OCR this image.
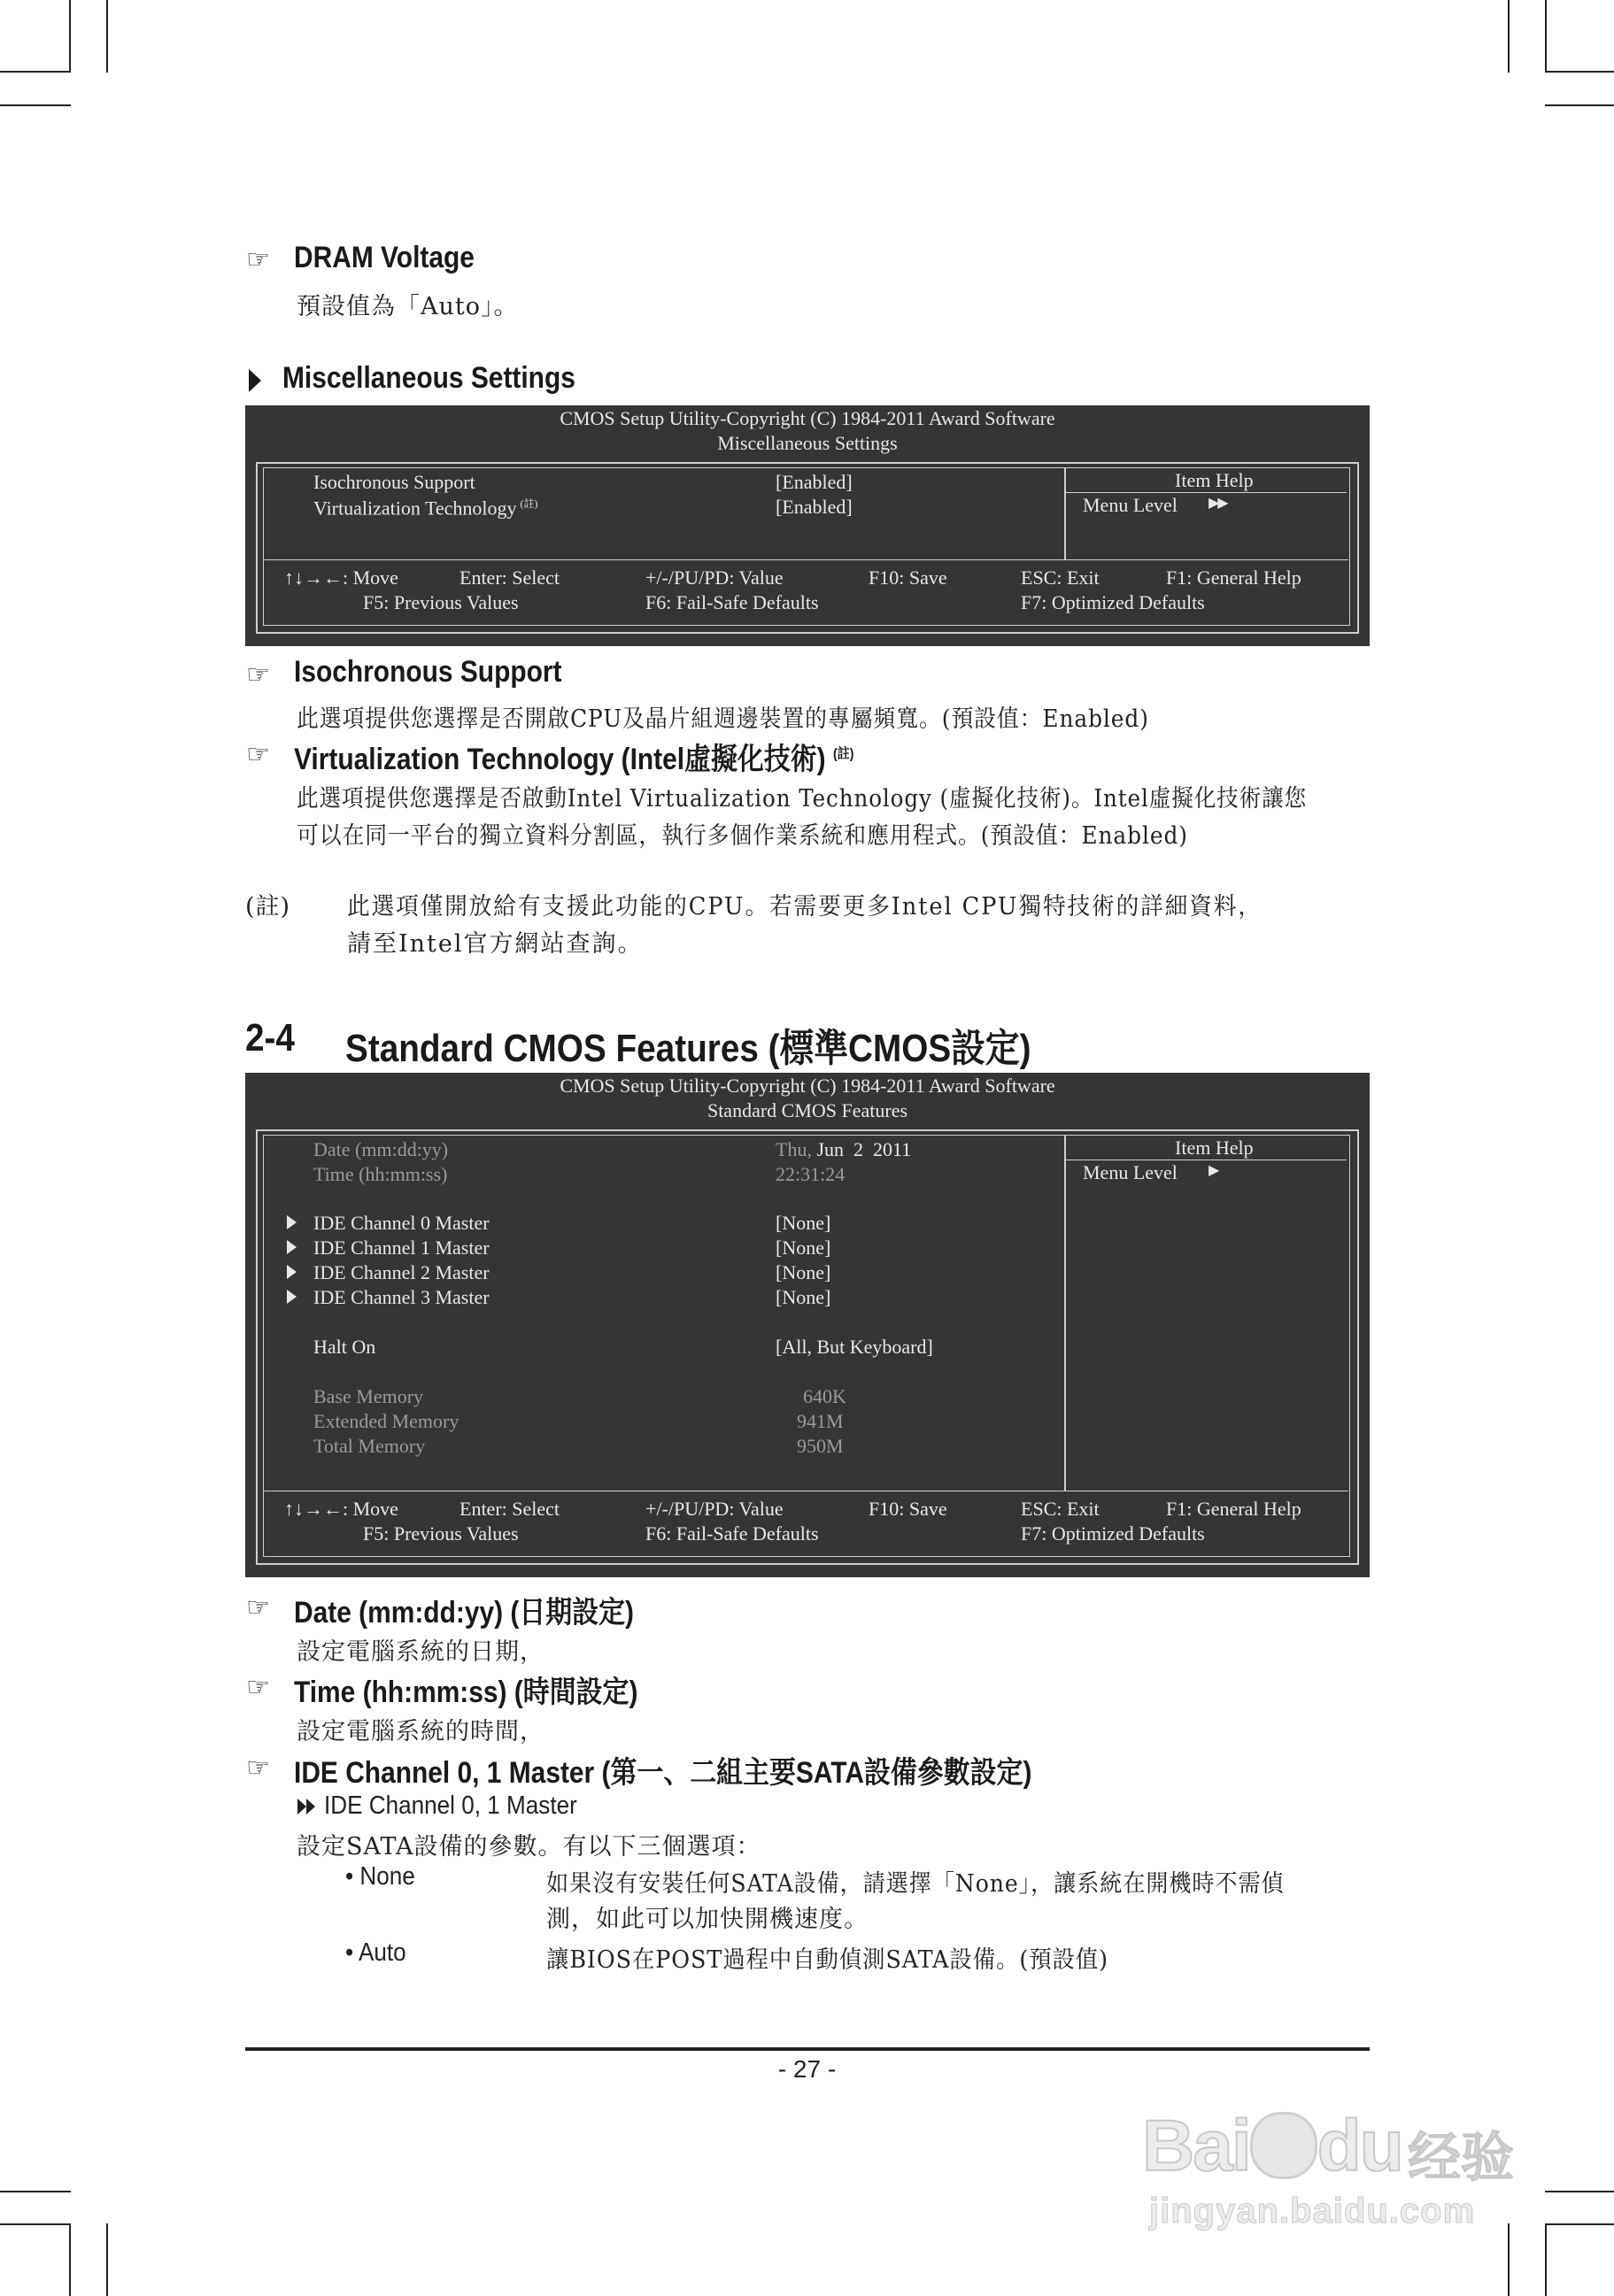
☞ DRAM Voltage
預設值為「Auto」。
Miscellaneous Settings
CMOS Setup Utility-Copyright (C) 1984-2011 Award Software
Miscellaneous Settings
Isochronous Support	[Enabled]
Virtualization Technology $^{(註)}$	[Enabled]
Item Help
Menu Level ▶▶
↑↓→←: Move	Enter: Select	+/-/PU/PD: Value	F10: Save	ESC: Exit	F1: General Help
F5: Previous Values	F6: Fail-Safe Defaults	F7: Optimized Defaults
☞ Isochronous Support
此選項提供您選擇是否開啟CPU及晶片組週邊裝置的專屬頻寬。(預設值：Enabled)
☞ Virtualization Technology (Intel虛擬化技術) $^{(註)}$
此選項提供您選擇是否啟動Intel Virtualization Technology (虛擬化技術)。Intel虛擬化技術讓您
可以在同一平台的獨立資料分割區，執行多個作業系統和應用程式。(預設值：Enabled)
(註) 此選項僅開放給有支援此功能的CPU。若需要更多Intel CPU獨特技術的詳細資料，
請至Intel官方網站查詢。
2-4 Standard CMOS Features (標準CMOS設定)
CMOS Setup Utility-Copyright (C) 1984-2011 Award Software
Standard CMOS Features
Date (mm:dd:yy)	Thu, Jun  2  2011
Time (hh:mm:ss)	22:31:24
IDE Channel 0 Master	[None]
IDE Channel 1 Master	[None]
IDE Channel 2 Master	[None]
IDE Channel 3 Master	[None]
Halt On	[All, But Keyboard]
Base Memory	640K
Extended Memory	941M
Total Memory	950M
Item Help
Menu Level ▶
↑↓→←: Move	Enter: Select	+/-/PU/PD: Value	F10: Save	ESC: Exit	F1: General Help
F5: Previous Values	F6: Fail-Safe Defaults	F7: Optimized Defaults
☞ Date (mm:dd:yy) (日期設定)
設定電腦系統的日期，
☞ Time (hh:mm:ss) (時間設定)
設定電腦系統的時間，
☞ IDE Channel 0, 1 Master (第一、二組主要SATA設備參數設定)
IDE Channel 0, 1 Master
設定SATA設備的參數。有以下三個選項：
• None	如果沒有安裝任何SATA設備，請選擇「None」，讓系統在開機時不需偵
測，如此可以加快開機速度。
• Auto	讓BIOS在POST過程中自動偵測SATA設備。(預設值)
- 27 -
Bai du 经验
jingyan.baidu.com
